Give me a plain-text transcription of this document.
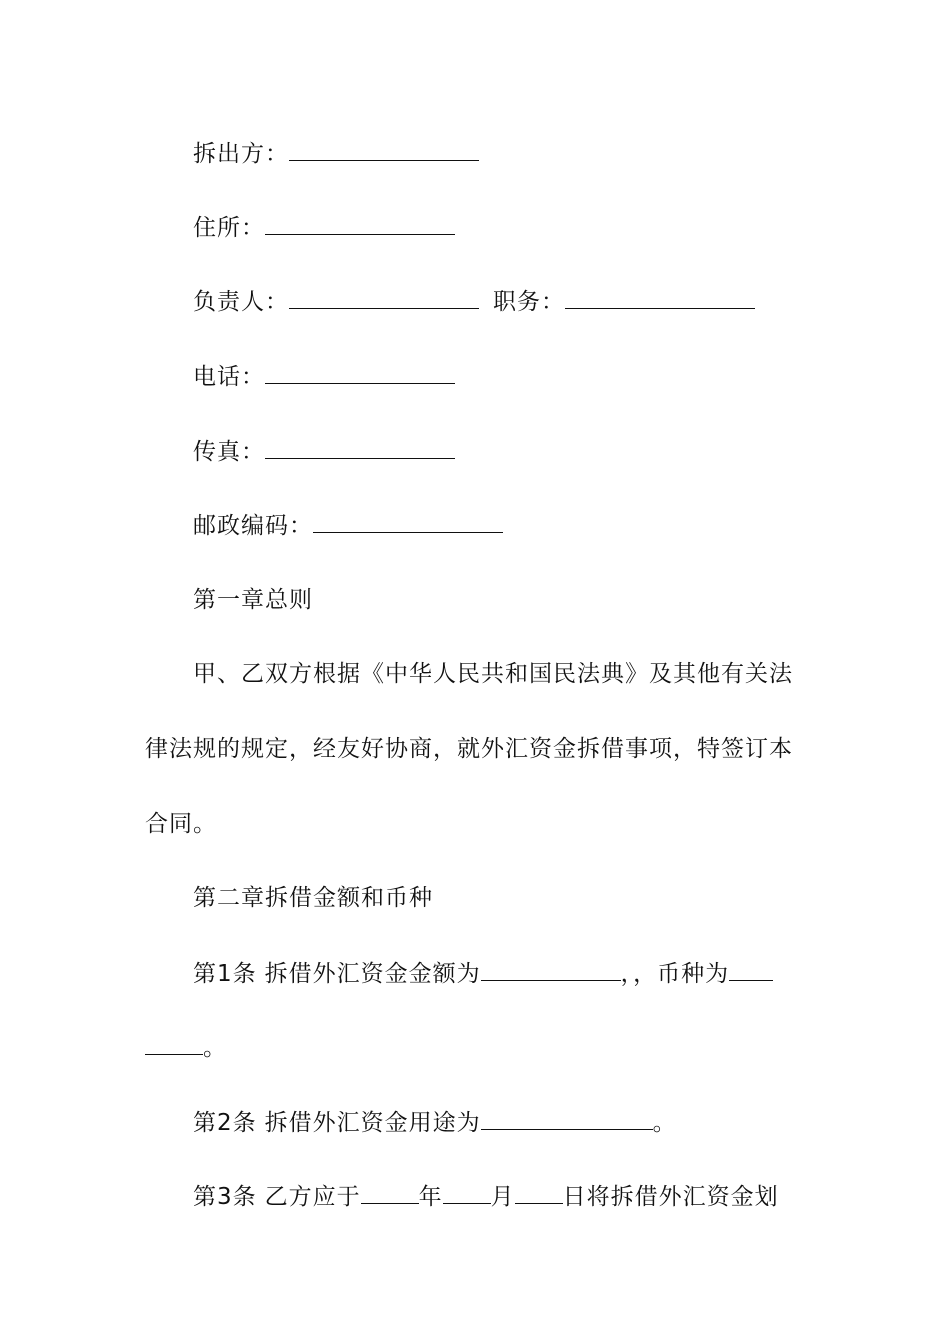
拆出方：
住所：
负责人：	职务：
电话：
传真：
邮政编码：
第一章总则
甲、乙双方根据《中华人民共和国民法典》及其他有关法
律法规的规定，经友好协商，就外汇资金拆借事项，特签订本
合同。
第二章拆借金额和币种
第1条 拆借外汇资金金额为	，，币种为
。
第2条 拆借外汇资金用途为	。
第3条 乙方应于	年 月 日将拆借外汇资金划
